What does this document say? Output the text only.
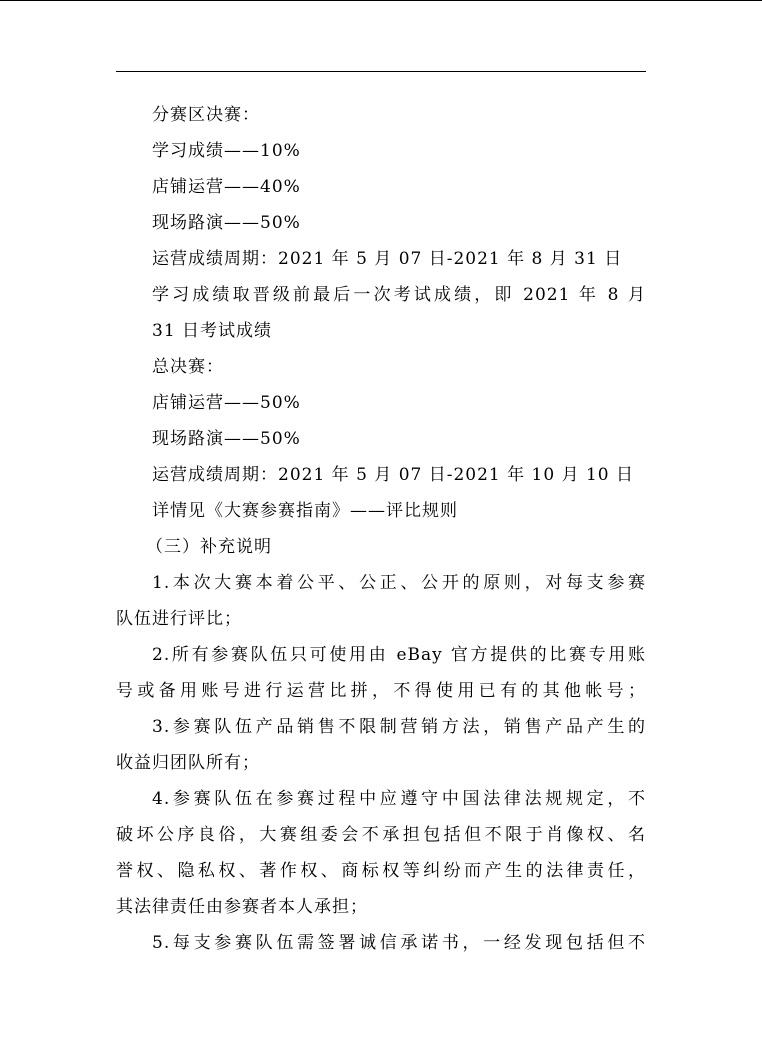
分赛区决赛：
学习成绩——10%
店铺运营——40%
现场路演——50%
运营成绩周期：2021 年 5 月 07 日-2021 年 8 月 31 日
学习成绩取晋级前最后一次考试成绩，即 2021 年 8 月
31 日考试成绩
总决赛：
店铺运营——50%
现场路演——50%
运营成绩周期：2021 年 5 月 07 日-2021 年 10 月 10 日
详情见《大赛参赛指南》——评比规则
（三）补充说明
1.本次大赛本着公平、公正、公开的原则，对每支参赛
队伍进行评比；
2.所有参赛队伍只可使用由 eBay 官方提供的比赛专用账
号或备用账号进行运营比拼，不得使用已有的其他帐号；
3.参赛队伍产品销售不限制营销方法，销售产品产生的
收益归团队所有；
4.参赛队伍在参赛过程中应遵守中国法律法规规定，不
破坏公序良俗，大赛组委会不承担包括但不限于肖像权、名
誉权、隐私权、著作权、商标权等纠纷而产生的法律责任，
其法律责任由参赛者本人承担；
5.每支参赛队伍需签署诚信承诺书，一经发现包括但不
